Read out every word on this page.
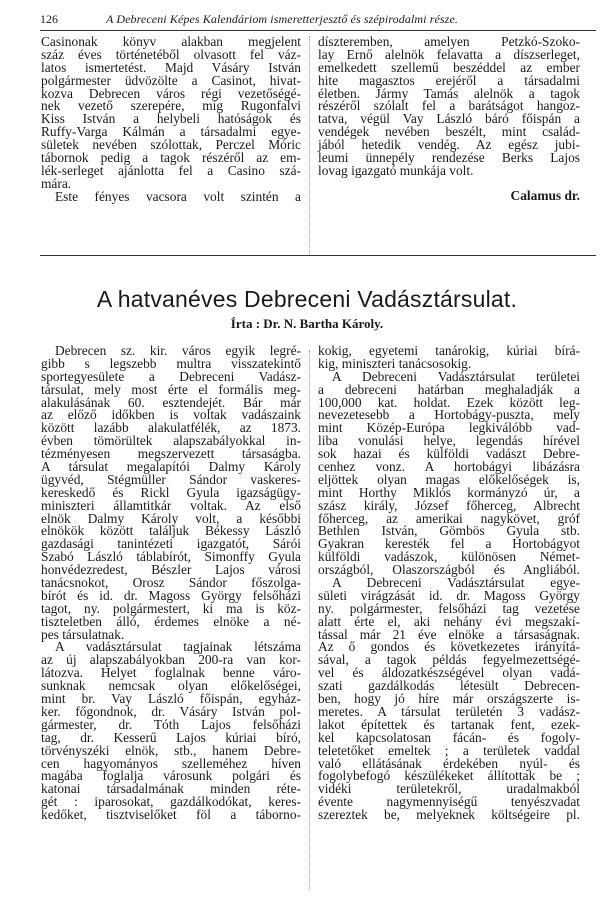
126	A Debreceni Képes Kalendáriom ismeretterjesztő és szépirodalmi része.
Casinonak könyv alakban megjelent
száz éves történetéből olvasott fel váz-
latos ismertetést. Majd Vásáry István
polgármester üdvözölte a Casinot, hivat-
kozva Debrecen város régi vezetőségé-
nek vezető szerepére, míg Rugonfalvi
Kiss István a helybeli hatóságok és
Ruffy-Varga Kálmán a társadalmi egye-
sületek nevében szólottak, Perczel Móric
tábornok pedig a tagok részéről az em-
lék-serleget ajánlotta fel a Casino szá-
mára.
Este fényes vacsora volt szintén a
díszteremben, amelyen Petzkó-Szoko-
lay Ernő alelnök felavatta a díszserleget,
emelkedett szellemű beszéddel az ember
hite magasztos erejéről a társadalmi
életben. Jármy Tamás alelnök a tagok
részéről szólalt fel a barátságot hangoz-
tatva, végül Vay László báró főispán a
vendégek nevében beszélt, mint család-
jából hetedik vendég. Az egész jubi-
leumi ünnepély rendezése Berks Lajos
lovag igazgató munkája volt.
Calamus dr.
A hatvanéves Debreceni Vadásztársulat.
Írta : Dr. N. Bartha Károly.
Debrecen sz. kir. város egyik legré-
gibb s legszebb multra visszatekintő
sportegyesülete a Debreceni Vadász-
társulat, mely most érte el formális meg-
alakulásának 60. esztendejét. Bár már
az előző időkben is voltak vadászaink
között lazább alakulatfélék, az 1873.
évben tömörültek alapszabályokkal in-
tézményesen megszervezett társaságba.
A társulat megalapítói Dalmy Károly
ügyvéd, Stégmüller Sándor vaskeres-
kereskedő és Rickl Gyula igazságügy-
miniszteri államtitkár voltak. Az első
elnök Dalmy Károly volt, a későbbi
elnökök között találjuk Békessy László
gazdasági tanintézeti igazgatót, Sárói
Szabó László táblabírót, Simonffy Gyula
honvédezredest, Bészler Lajos városi
tanácsnokot, Orosz Sándor főszolga-
bírót és id. dr. Magoss György felsőházi
tagot, ny. polgármestert, ki ma is köz-
tiszteletben álló, érdemes elnöke a né-
pes társulatnak.
A vadásztársulat tagjainak létszáma
az új alapszabályokban 200-ra van kor-
látozva. Helyet foglalnak benne váro-
sunknak nemcsak olyan előkelőségei,
mint br. Vay László főispán, egyház-
ker. főgondnok, dr. Vásáry István pol-
gármester, dr. Tóth Lajos felsőházi
tag, dr. Kesserű Lajos kúriai bíró,
törvényszéki elnök, stb., hanem Debre-
cen hagyományos szelleméhez híven
magába foglalja városunk polgári és
katonai társadalmának minden réte-
gét : iparosokat, gazdálkodókat, keres-
kedőket, tisztviselőket föl a táborno-
kokig, egyetemi tanárokig, kúriai bírá-
kig, miniszteri tanácsosokig.
A Debreceni Vadásztársulat területei
a debreceni határban meghaladják a
100,000 kat. holdat. Ezek között leg-
nevezetesebb a Hortobágy-puszta, mely
mint Közép-Európa legkiválóbb vad-
liba vonulási helye, legendás hírével
sok hazai és külföldi vadászt Debre-
cenhez vonz. A hortobágyi libázásra
eljöttek olyan magas előkelőségek is,
mint Horthy Miklós kormányzó úr, a
szász király, József főherceg, Albrecht
főherceg, az amerikai nagykövet, gróf
Bethlen István, Gömbös Gyula stb.
Gyakran keresték fel a Hortobágyot
külföldi vadászok, különösen Német-
országból, Olaszországból és Angliából.
A Debreceni Vadásztársulat egye-
sületi virágzását id. dr. Magoss György
ny. polgármester, felsőházi tag vezetése
alatt érte el, aki nehány évi megszakí-
tással már 21 éve elnöke a társaságnak.
Az ő gondos és következetes irányítá-
sával, a tagok példás fegyelmezettségé-
vel és áldozatkészségével olyan vadá-
szati gazdálkodás létesült Debrecen-
ben, hogy jó híre már országszerte is-
meretes. A társulat területén 3 vadász-
lakot építettek és tartanak fent, ezek-
kel kapcsolatosan fácán- és fogoly-
teletetőket emeltek ; a területek vaddal
való ellátásának érdekében nyúl- és
fogolybefogó készülékeket állítottak be ;
vidéki területekről, uradalmakból
évente nagymennyiségű tenyészvadat
szereztek be, melyeknek költségeire pl.
